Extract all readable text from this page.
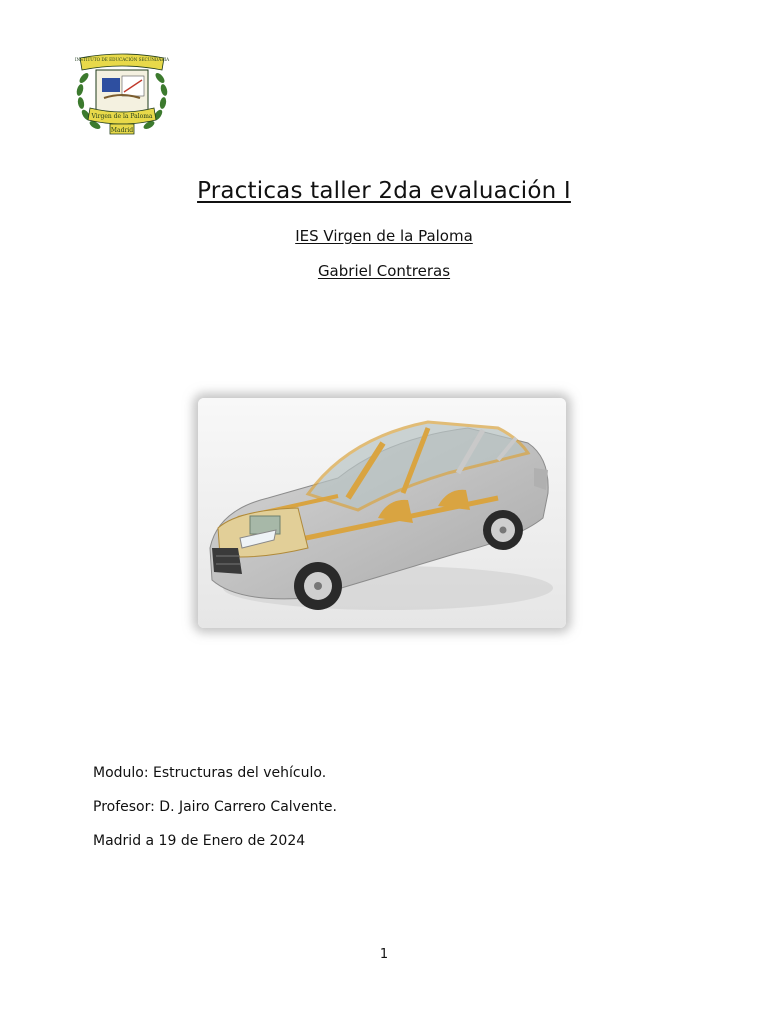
INSTITUTO DE EDUCACIÓN SECUNDARIA
Virgen de la Paloma
Madrid
Practicas taller 2da evaluación I
IES Virgen de la Paloma
Gabriel Contreras
Modulo: Estructuras del vehículo.
Profesor: D. Jairo Carrero Calvente.
Madrid a 19 de Enero de 2024
1
